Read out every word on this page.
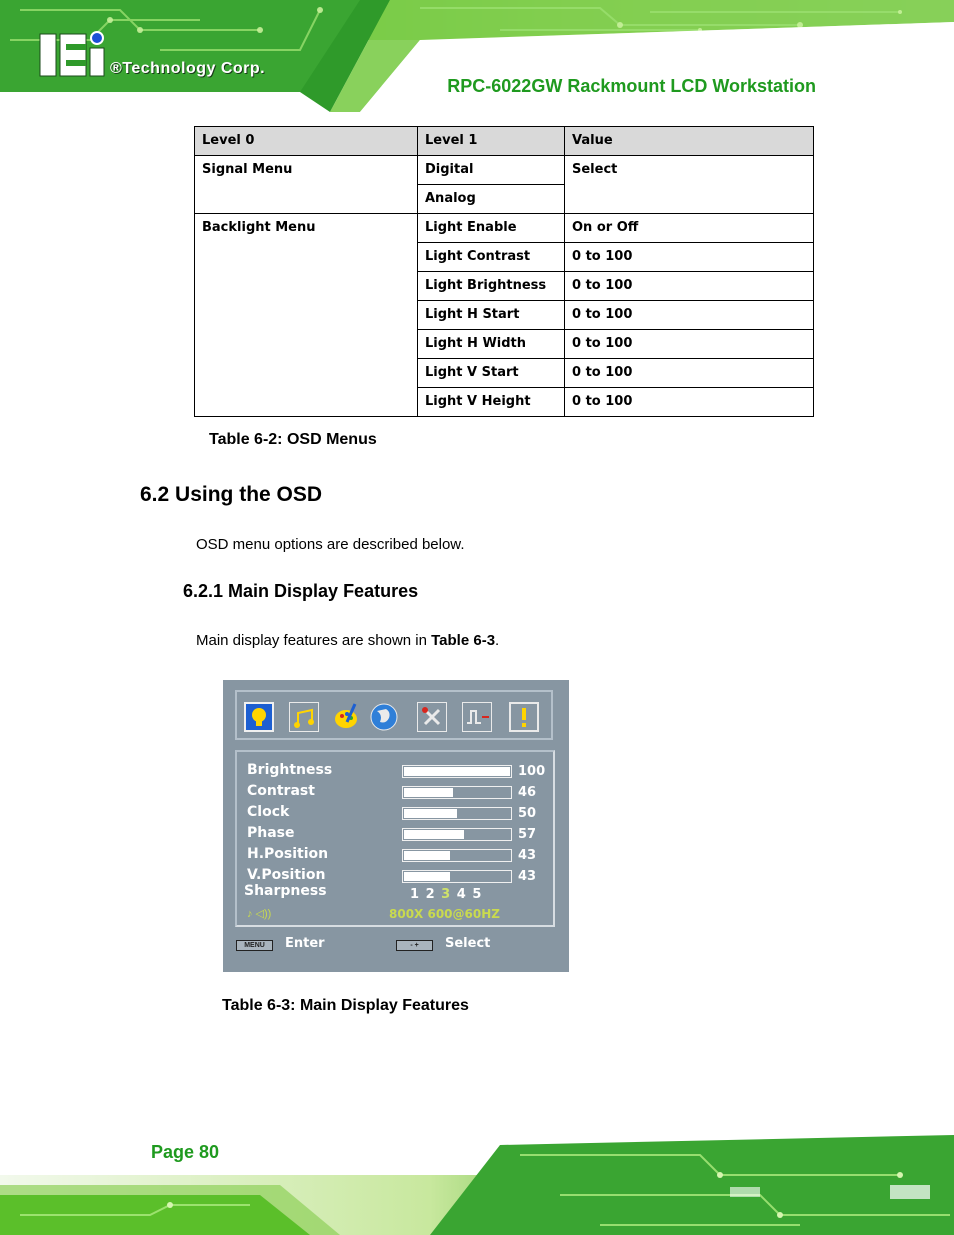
®Technology Corp.
RPC-6022GW Rackmount LCD Workstation
Level 0	Level 1	Value
Signal Menu	Digital	Select
	Analog	
Backlight Menu	Light Enable	On or Off
	Light Contrast	0 to 100
	Light Brightness	0 to 100
	Light H Start	0 to 100
	Light H Width	0 to 100
	Light V Start	0 to 100
	Light V Height	0 to 100
Table 6-2: OSD Menus
6.2 Using the OSD
OSD menu options are described below.
6.2.1 Main Display Features
Main display features are shown in Table 6-3.
Brightness	100
Contrast	46
Clock	50
Phase	57
H.Position	43
V.Position	43
Sharpness	1 2 3 4 5
♪ ◁))	800X 600@60HZ
MENU	Enter	- +	Select
Table 6-3: Main Display Features
Page 80
